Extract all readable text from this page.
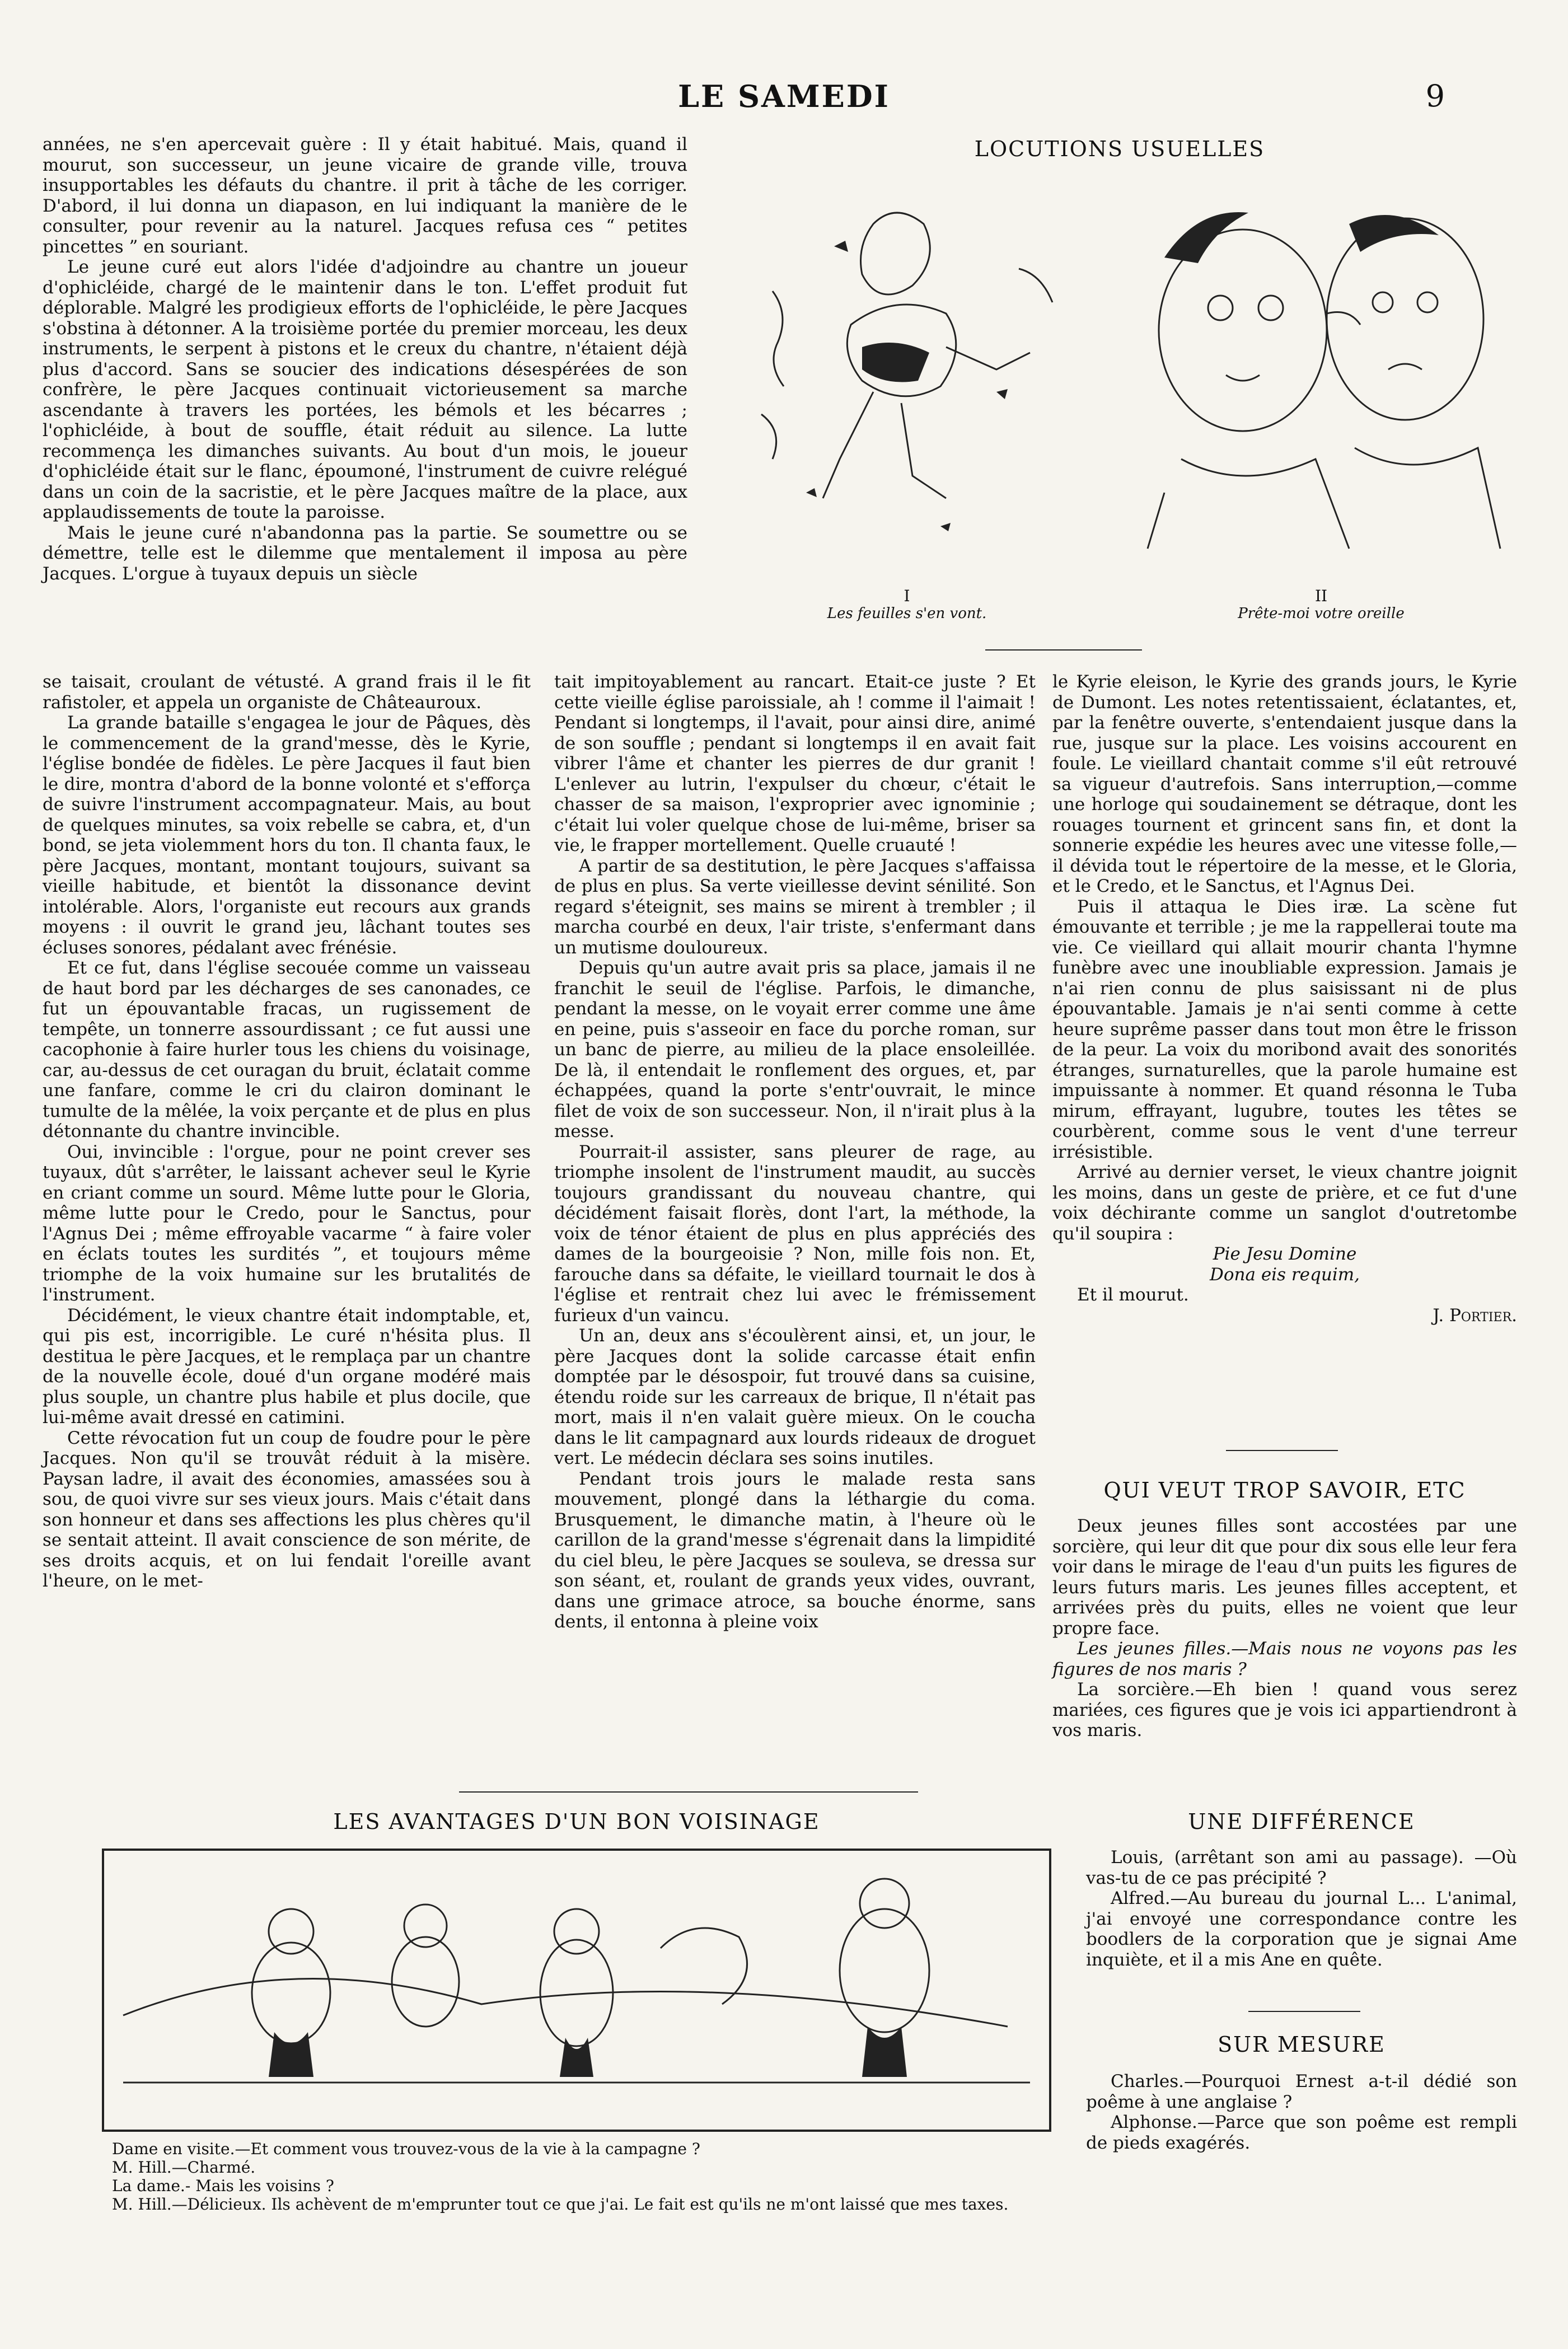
LE SAMEDI	9

années, ne s'en apercevait guère : Il y était habitué. Mais, quand il mourut, son successeur, un jeune vicaire de grande ville, trouva insupportables les défauts du chantre. il prit à tâche de les corriger. D'abord, il lui donna un diapason, en lui indiquant la manière de le consulter, pour revenir au la naturel. Jacques refusa ces “ petites pincettes ” en souriant.

Le jeune curé eut alors l'idée d'adjoindre au chantre un joueur d'ophicléide, chargé de le maintenir dans le ton. L'effet produit fut déplorable. Malgré les prodigieux efforts de l'ophicléide, le père Jacques s'obstina à détonner. A la troisième portée du premier morceau, les deux instruments, le serpent à pistons et le creux du chantre, n'étaient déjà plus d'accord. Sans se soucier des indications désespérées de son confrère, le père Jacques continuait victorieusement sa marche ascendante à travers les portées, les bémols et les bécarres ; l'ophicléide, à bout de souffle, était réduit au silence. La lutte recommença les dimanches suivants. Au bout d'un mois, le joueur d'ophicléide était sur le flanc, époumoné, l'instrument de cuivre relégué dans un coin de la sacristie, et le père Jacques maître de la place, aux applaudissements de toute la paroisse.

Mais le jeune curé n'abandonna pas la partie. Se soumettre ou se démettre, telle est le dilemme que mentalement il imposa au père Jacques. L'orgue à tuyaux depuis un siècle

se taisait, croulant de vétusté. A grand frais il le fit rafistoler, et appela un organiste de Châteauroux.

La grande bataille s'engagea le jour de Pâques, dès le commencement de la grand'messe, dès le Kyrie, l'église bondée de fidèles. Le père Jacques il faut bien le dire, montra d'abord de la bonne volonté et s'efforça de suivre l'instrument accompagnateur. Mais, au bout de quelques minutes, sa voix rebelle se cabra, et, d'un bond, se jeta violemment hors du ton. Il chanta faux, le père Jacques, montant, montant toujours, suivant sa vieille habitude, et bientôt la dissonance devint intolérable. Alors, l'organiste eut recours aux grands moyens : il ouvrit le grand jeu, lâchant toutes ses écluses sonores, pédalant avec frénésie.

Et ce fut, dans l'église secouée comme un vaisseau de haut bord par les décharges de ses canonades, ce fut un épouvantable fracas, un rugissement de tempête, un tonnerre assourdissant ; ce fut aussi une cacophonie à faire hurler tous les chiens du voisinage, car, au-dessus de cet ouragan du bruit, éclatait comme une fanfare, comme le cri du clairon dominant le tumulte de la mêlée, la voix perçante et de plus en plus détonnante du chantre invincible.

Oui, invincible : l'orgue, pour ne point crever ses tuyaux, dût s'arrêter, le laissant achever seul le Kyrie en criant comme un sourd. Même lutte pour le Gloria, même lutte pour le Credo, pour le Sanctus, pour l'Agnus Dei ; même effroyable vacarme “ à faire voler en éclats toutes les surdités ”, et toujours même triomphe de la voix humaine sur les brutalités de l'instrument.

Décidément, le vieux chantre était indomptable, et, qui pis est, incorrigible. Le curé n'hésita plus. Il destitua le père Jacques, et le remplaça par un chantre de la nouvelle école, doué d'un organe modéré mais plus souple, un chantre plus habile et plus docile, que lui-même avait dressé en catimini.

Cette révocation fut un coup de foudre pour le père Jacques. Non qu'il se trouvât réduit à la misère. Paysan ladre, il avait des économies, amassées sou à sou, de quoi vivre sur ses vieux jours. Mais c'était dans son honneur et dans ses affections les plus chères qu'il se sentait atteint. Il avait conscience de son mérite, de ses droits acquis, et on lui fendait l'oreille avant l'heure, on le met-

tait impitoyablement au rancart. Etait-ce juste ? Et cette vieille église paroissiale, ah ! comme il l'aimait ! Pendant si longtemps, il l'avait, pour ainsi dire, animé de son souffle ; pendant si longtemps il en avait fait vibrer l'âme et chanter les pierres de dur granit ! L'enlever au lutrin, l'expulser du chœur, c'était le chasser de sa maison, l'exproprier avec ignominie ; c'était lui voler quelque chose de lui-même, briser sa vie, le frapper mortellement. Quelle cruauté !

A partir de sa destitution, le père Jacques s'affaissa de plus en plus. Sa verte vieillesse devint sénilité. Son regard s'éteignit, ses mains se mirent à trembler ; il marcha courbé en deux, l'air triste, s'enfermant dans un mutisme douloureux.

Depuis qu'un autre avait pris sa place, jamais il ne franchit le seuil de l'église. Parfois, le dimanche, pendant la messe, on le voyait errer comme une âme en peine, puis s'asseoir en face du porche roman, sur un banc de pierre, au milieu de la place ensoleillée. De là, il entendait le ronflement des orgues, et, par échappées, quand la porte s'entr'ouvrait, le mince filet de voix de son successeur. Non, il n'irait plus à la messe.

Pourrait-il assister, sans pleurer de rage, au triomphe insolent de l'instrument maudit, au succès toujours grandissant du nouveau chantre, qui décidément faisait florès, dont l'art, la méthode, la voix de ténor étaient de plus en plus appréciés des dames de la bourgeoisie ? Non, mille fois non. Et, farouche dans sa défaite, le vieillard tournait le dos à l'église et rentrait chez lui avec le frémissement furieux d'un vaincu.

Un an, deux ans s'écoulèrent ainsi, et, un jour, le père Jacques dont la solide carcasse était enfin domptée par le désospoir, fut trouvé dans sa cuisine, étendu roide sur les carreaux de brique, Il n'était pas mort, mais il n'en valait guère mieux. On le coucha dans le lit campagnard aux lourds rideaux de droguet vert. Le médecin déclara ses soins inutiles.

Pendant trois jours le malade resta sans mouvement, plongé dans la léthargie du coma. Brusquement, le dimanche matin, à l'heure où le carillon de la grand'messe s'égrenait dans la limpidité du ciel bleu, le père Jacques se souleva, se dressa sur son séant, et, roulant de grands yeux vides, ouvrant, dans une grimace atroce, sa bouche énorme, sans dents, il entonna à pleine voix

LOCUTIONS USUELLES
I
Les feuilles s'en vont.
II
Prête-moi votre oreille

le Kyrie eleison, le Kyrie des grands jours, le Kyrie de Dumont. Les notes retentissaient, éclatantes, et, par la fenêtre ouverte, s'entendaient jusque dans la rue, jusque sur la place. Les voisins accourent en foule. Le vieillard chantait comme s'il eût retrouvé sa vigueur d'autrefois. Sans interruption,—comme une horloge qui soudainement se détraque, dont les rouages tournent et grincent sans fin, et dont la sonnerie expédie les heures avec une vitesse folle,—il dévida tout le répertoire de la messe, et le Gloria, et le Credo, et le Sanctus, et l'Agnus Dei.

Puis il attaqua le Dies iræ. La scène fut émouvante et terrible ; je me la rappellerai toute ma vie. Ce vieillard qui allait mourir chanta l'hymne funèbre avec une inoubliable expression. Jamais je n'ai rien connu de plus saisissant ni de plus épouvantable. Jamais je n'ai senti comme à cette heure suprême passer dans tout mon être le frisson de la peur. La voix du moribond avait des sonorités étranges, surnaturelles, que la parole humaine est impuissante à nommer. Et quand résonna le Tuba mirum, effrayant, lugubre, toutes les têtes se courbèrent, comme sous le vent d'une terreur irrésistible.

Arrivé au dernier verset, le vieux chantre joignit les moins, dans un geste de prière, et ce fut d'une voix déchirante comme un sanglot d'outretombe qu'il soupira :

Pie Jesu Domine
Dona eis requim,

Et il mourut.

J. Portier.
QUI VEUT TROP SAVOIR, ETC

Deux jeunes filles sont accostées par une sorcière, qui leur dit que pour dix sous elle leur fera voir dans le mirage de l'eau d'un puits les figures de leurs futurs maris. Les jeunes filles acceptent, et arrivées près du puits, elles ne voient que leur propre face.

Les jeunes filles.—Mais nous ne voyons pas les figures de nos maris ?

La sorcière.—Eh bien ! quand vous serez mariées, ces figures que je vois ici appartiendront à vos maris.

LES AVANTAGES D'UN BON VOISINAGE
Dame en visite.—Et comment vous trouvez-vous de la vie à la campagne ?
M. Hill.—Charmé.
La dame.- Mais les voisins ?
M. Hill.—Délicieux. Ils achèvent de m'emprunter tout ce que j'ai. Le fait est qu'ils ne m'ont laissé que mes taxes.
UNE DIFFÉRENCE

Louis, (arrêtant son ami au passage). —Où vas-tu de ce pas précipité ?

Alfred.—Au bureau du journal L... L'animal, j'ai envoyé une correspondance contre les boodlers de la corporation que je signai Ame inquiète, et il a mis Ane en quête.

SUR MESURE

Charles.—Pourquoi Ernest a-t-il dédié son poême à une anglaise ?

Alphonse.—Parce que son poême est rempli de pieds exagérés.
